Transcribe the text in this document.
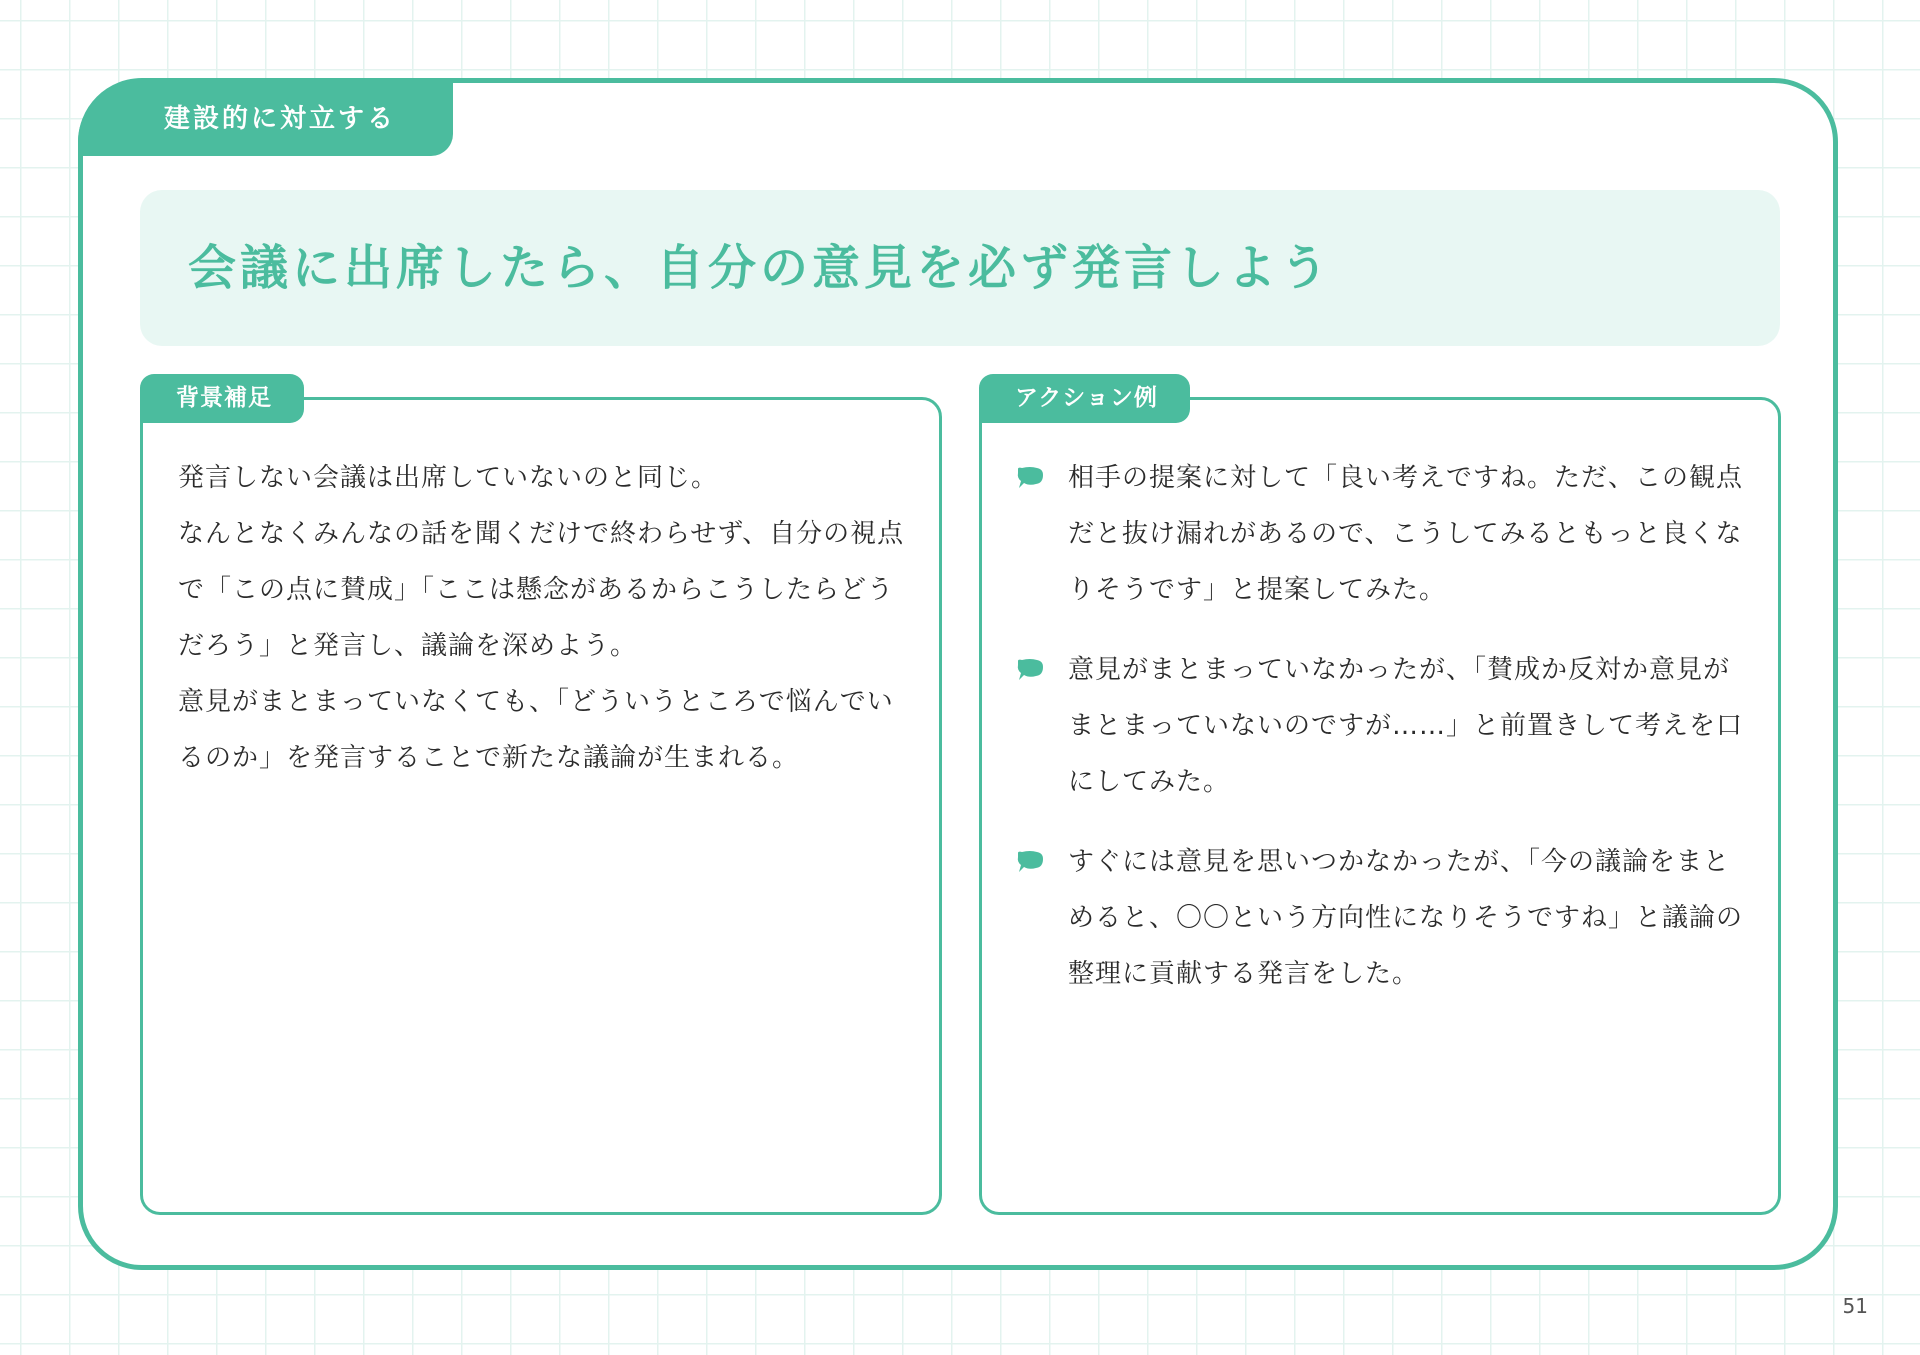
建設的に対立する
会議に出席したら、自分の意見を必ず発言しよう

発言しない会議は出席していないのと同じ。

なんとなくみんなの話を聞くだけで終わらせず、自分の視点で「この点に賛成」「ここは懸念があるからこうしたらどうだろう」と発言し、議論を深めよう。

意見がまとまっていなくても、「どういうところで悩んでいるのか」を発言することで新たな議論が生まれる。

背景補足
相手の提案に対して「良い考えですね。ただ、この観点だと抜け漏れがあるので、こうしてみるともっと良くなりそうです」と提案してみた。
意見がまとまっていなかったが、「賛成か反対か意見がまとまっていないのですが……」と前置きして考えを口にしてみた。
すぐには意見を思いつかなかったが、「今の議論をまとめると、〇〇という方向性になりそうですね」と議論の整理に貢献する発言をした。
アクション例
51
